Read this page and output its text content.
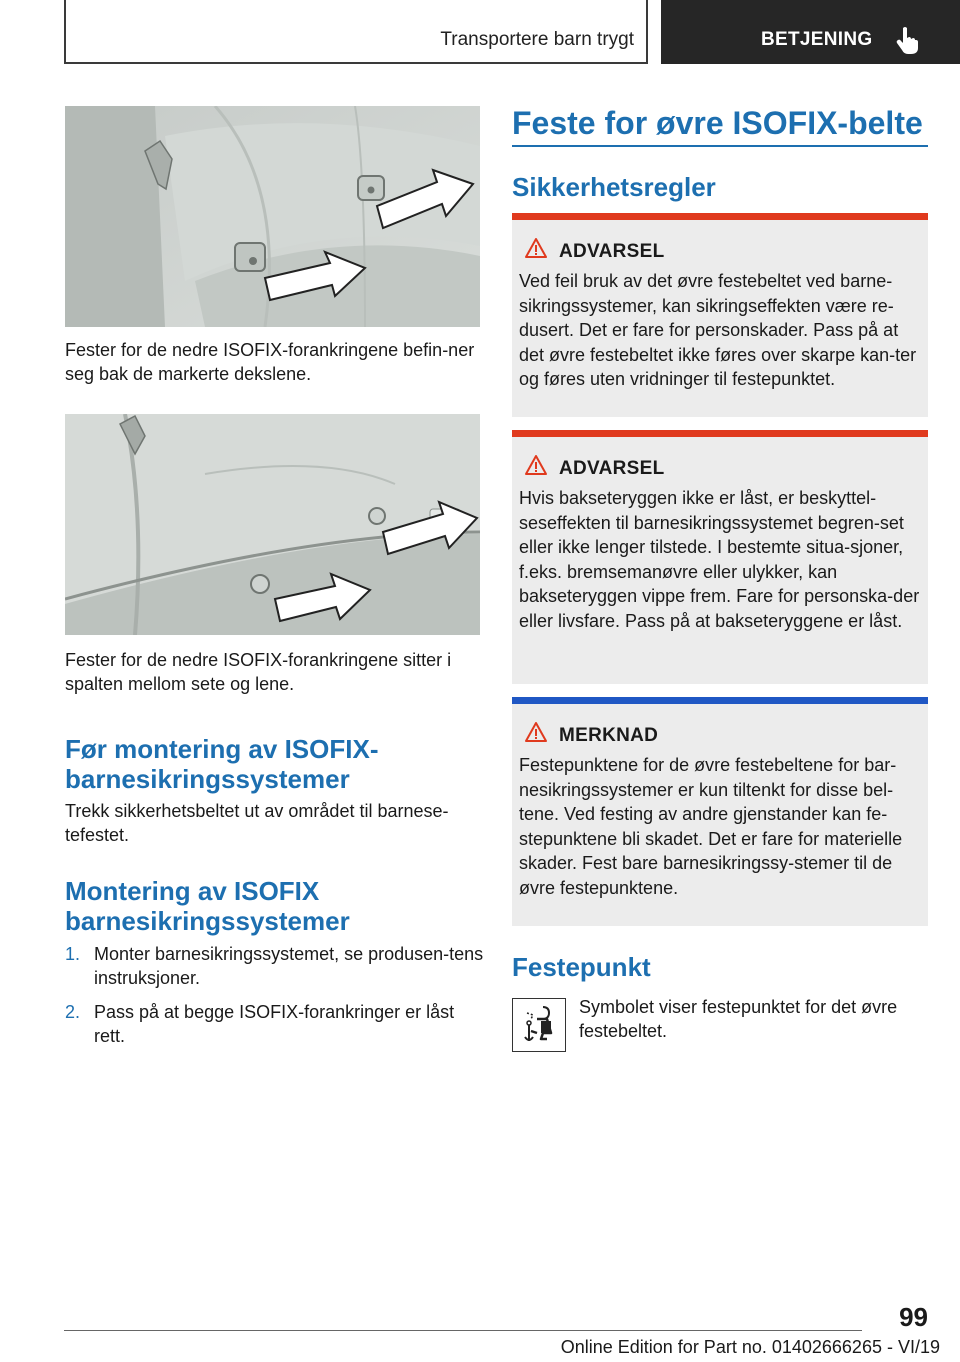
Transportere barn trygt	BETJENING
Fester for de nedre ISOFIX-forankringene befin-ner seg bak de markerte dekslene.
Fester for de nedre ISOFIX-forankringene sitter i spalten mellom sete og lene.
Før montering av ISOFIX-barnesikringssystemer
Trekk sikkerhetsbeltet ut av området til barnese-tefestet.
Montering av ISOFIX barnesikringssystemer
1. Monter barnesikringssystemet, se produsen-tens instruksjoner.
2. Pass på at begge ISOFIX-forankringer er låst rett.
Feste for øvre ISOFIX-belte
Sikkerhetsregler
ADVARSEL
Ved feil bruk av det øvre festebeltet ved barne-sikringssystemer, kan sikringseffekten være re-dusert. Det er fare for personskader. Pass på at det øvre festebeltet ikke føres over skarpe kan-ter og føres uten vridninger til festepunktet.
ADVARSEL
Hvis bakseteryggen ikke er låst, er beskyttel-seseffekten til barnesikringssystemet begren-set eller ikke lenger tilstede. I bestemte situa-sjoner, f.eks. bremsemanøvre eller ulykker, kan bakseteryggen vippe frem. Fare for personska-der eller livsfare. Pass på at bakseteryggene er låst.
MERKNAD
Festepunktene for de øvre festebeltene for bar-nesikringssystemer er kun tiltenkt for disse bel-tene. Ved festing av andre gjenstander kan fe-stepunktene bli skadet. Det er fare for materielle skader. Fest bare barnesikringssy-stemer til de øvre festepunktene.
Festepunkt
Symbolet viser festepunktet for det øvre festebeltet.
99
Online Edition for Part no. 01402666265 - VI/19
